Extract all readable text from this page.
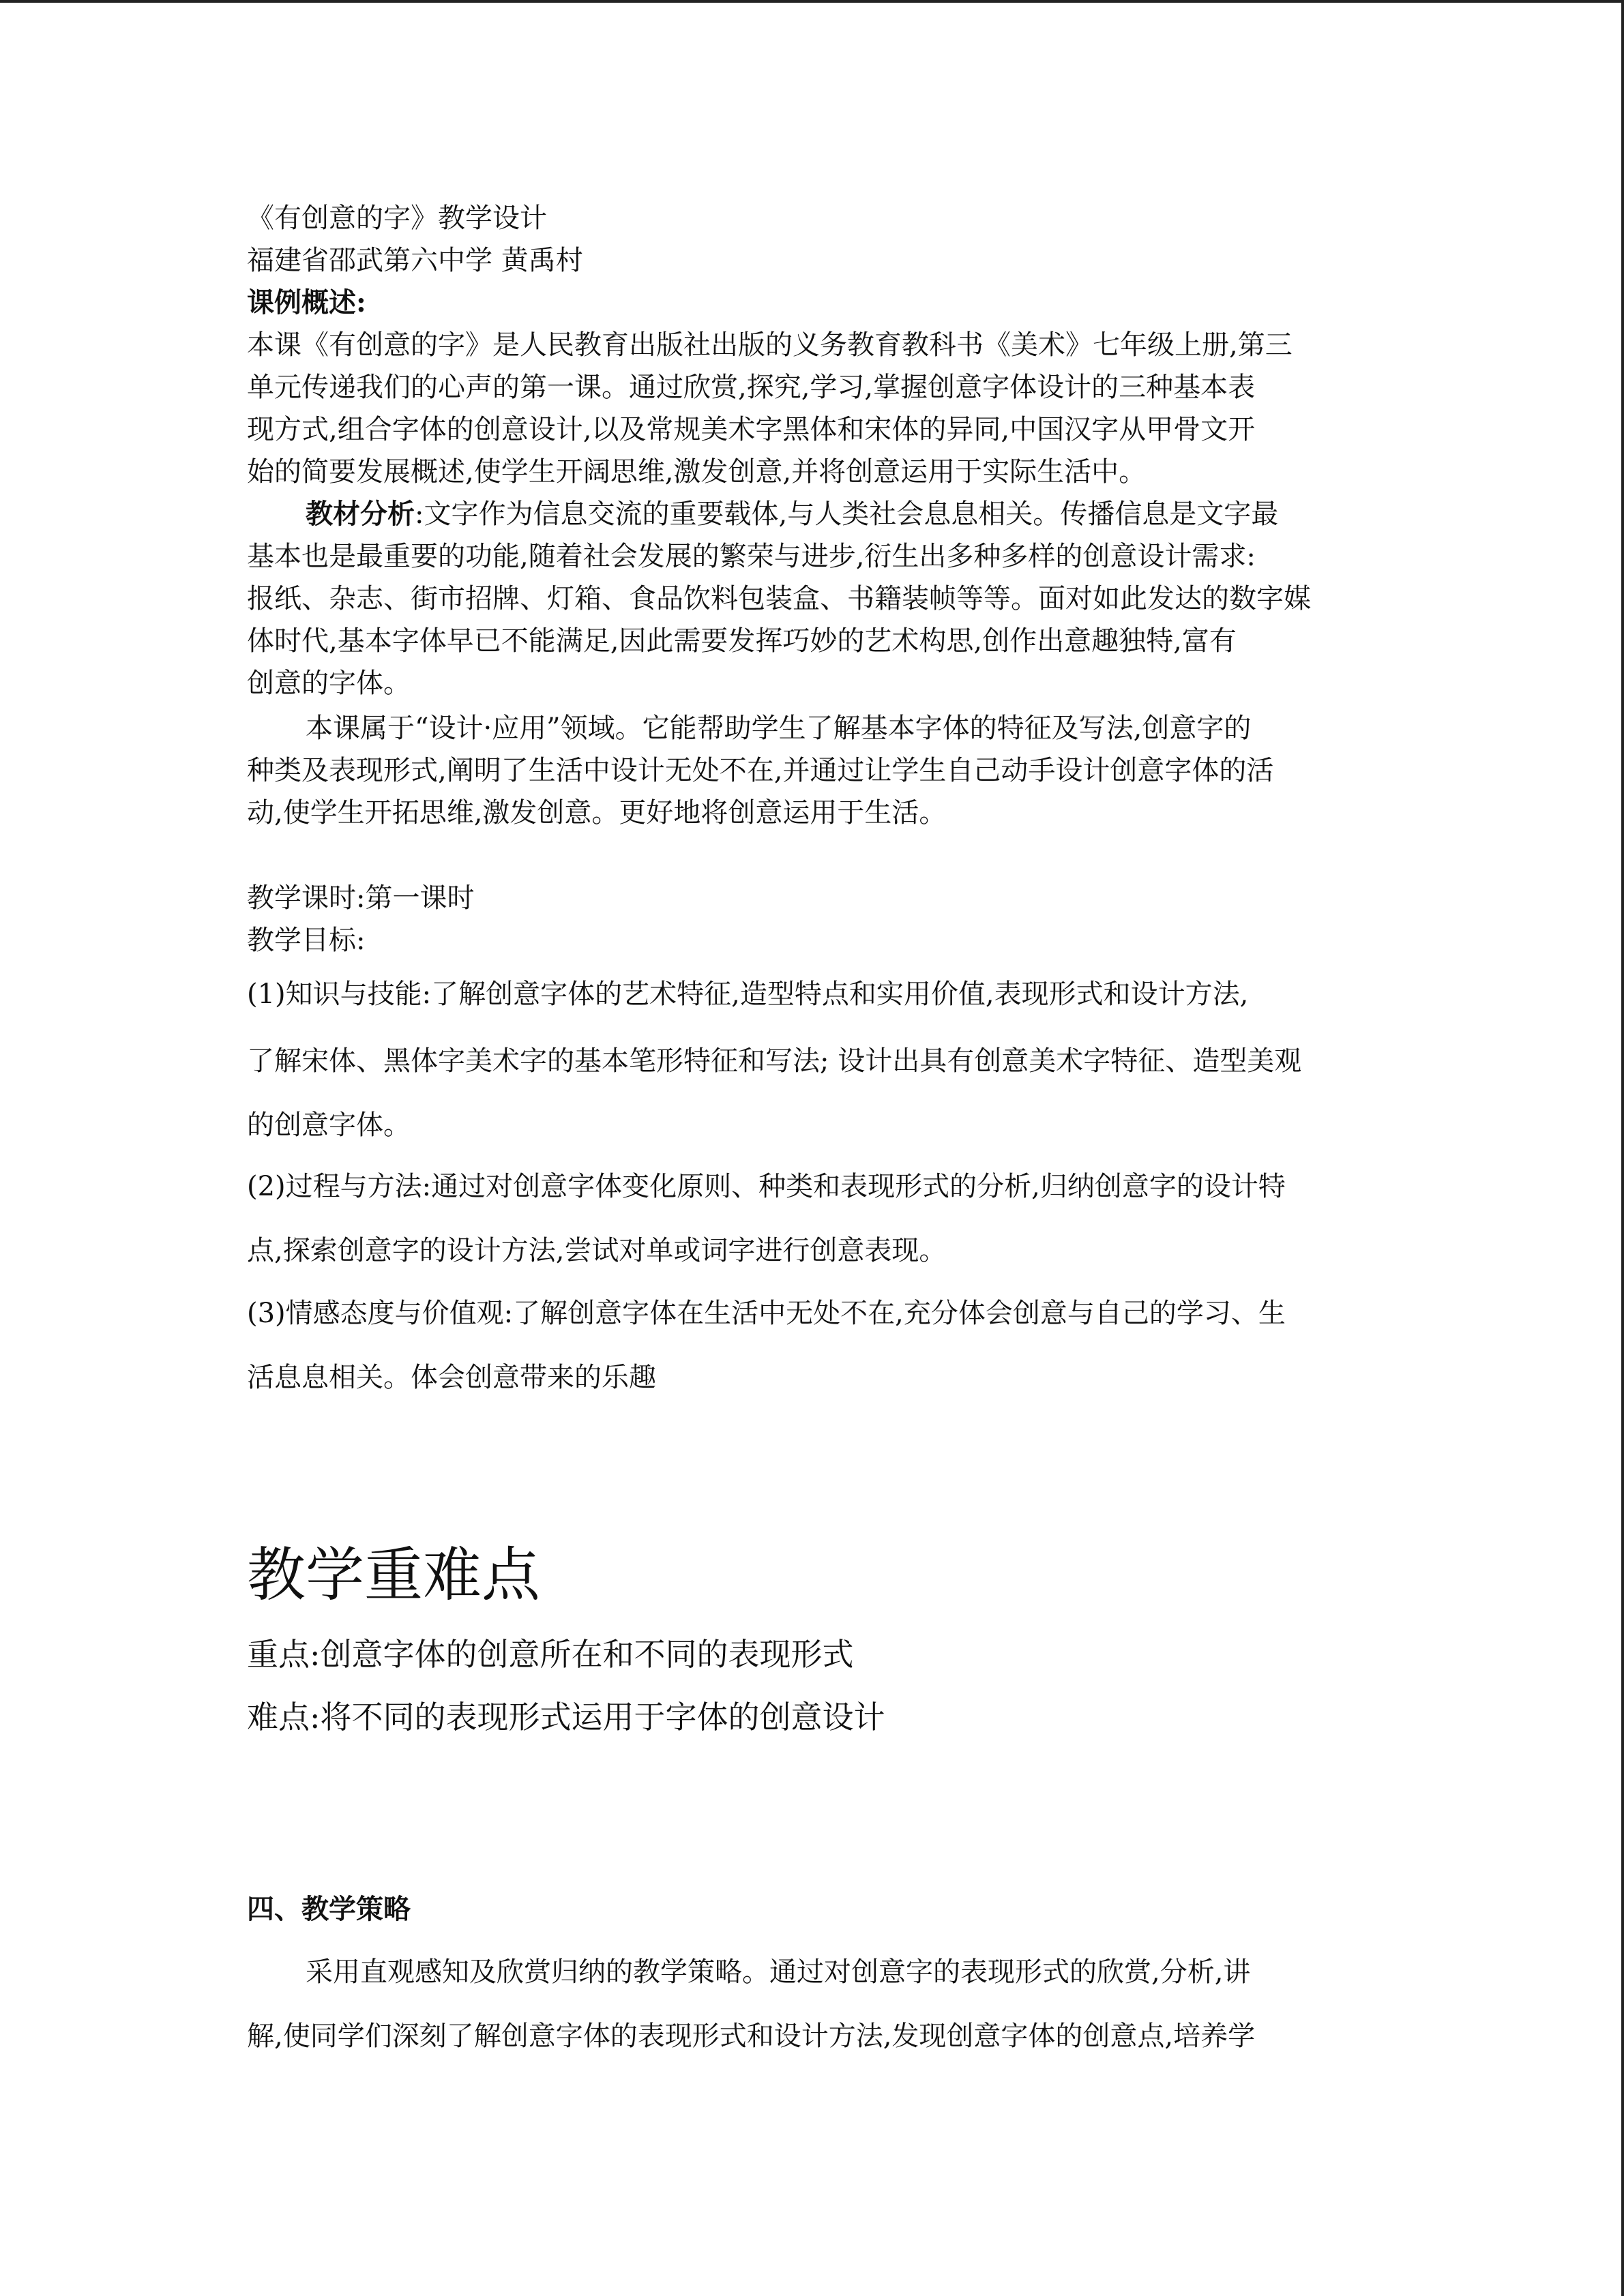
《有创意的字》教学设计
福建省邵武第六中学 黄禹村
课例概述:
本课《有创意的字》是人民教育出版社出版的义务教育教科书《美术》七年级上册,第三
单元传递我们的心声的第一课。通过欣赏,探究,学习,掌握创意字体设计的三种基本表
现方式,组合字体的创意设计,以及常规美术字黑体和宋体的异同,中国汉字从甲骨文开
始的简要发展概述,使学生开阔思维,激发创意,并将创意运用于实际生活中。
教材分析:文字作为信息交流的重要载体,与人类社会息息相关。传播信息是文字最
基本也是最重要的功能,随着社会发展的繁荣与进步,衍生出多种多样的创意设计需求:
报纸、杂志、街市招牌、灯箱、食品饮料包装盒、书籍装帧等等。面对如此发达的数字媒
体时代,基本字体早已不能满足,因此需要发挥巧妙的艺术构思,创作出意趣独特,富有
创意的字体。
本课属于“设计·应用”领域。它能帮助学生了解基本字体的特征及写法,创意字的
种类及表现形式,阐明了生活中设计无处不在,并通过让学生自己动手设计创意字体的活
动,使学生开拓思维,激发创意。更好地将创意运用于生活。
教学课时:第一课时
教学目标:
(1)知识与技能:了解创意字体的艺术特征,造型特点和实用价值,表现形式和设计方法,
了解宋体、黑体字美术字的基本笔形特征和写法; 设计出具有创意美术字特征、造型美观
的创意字体。
(2)过程与方法:通过对创意字体变化原则、种类和表现形式的分析,归纳创意字的设计特
点,探索创意字的设计方法,尝试对单或词字进行创意表现。
(3)情感态度与价值观:了解创意字体在生活中无处不在,充分体会创意与自己的学习、生
活息息相关。体会创意带来的乐趣
教学重难点
重点:创意字体的创意所在和不同的表现形式
难点:将不同的表现形式运用于字体的创意设计
四、教学策略
采用直观感知及欣赏归纳的教学策略。通过对创意字的表现形式的欣赏,分析,讲
解,使同学们深刻了解创意字体的表现形式和设计方法,发现创意字体的创意点,培养学
